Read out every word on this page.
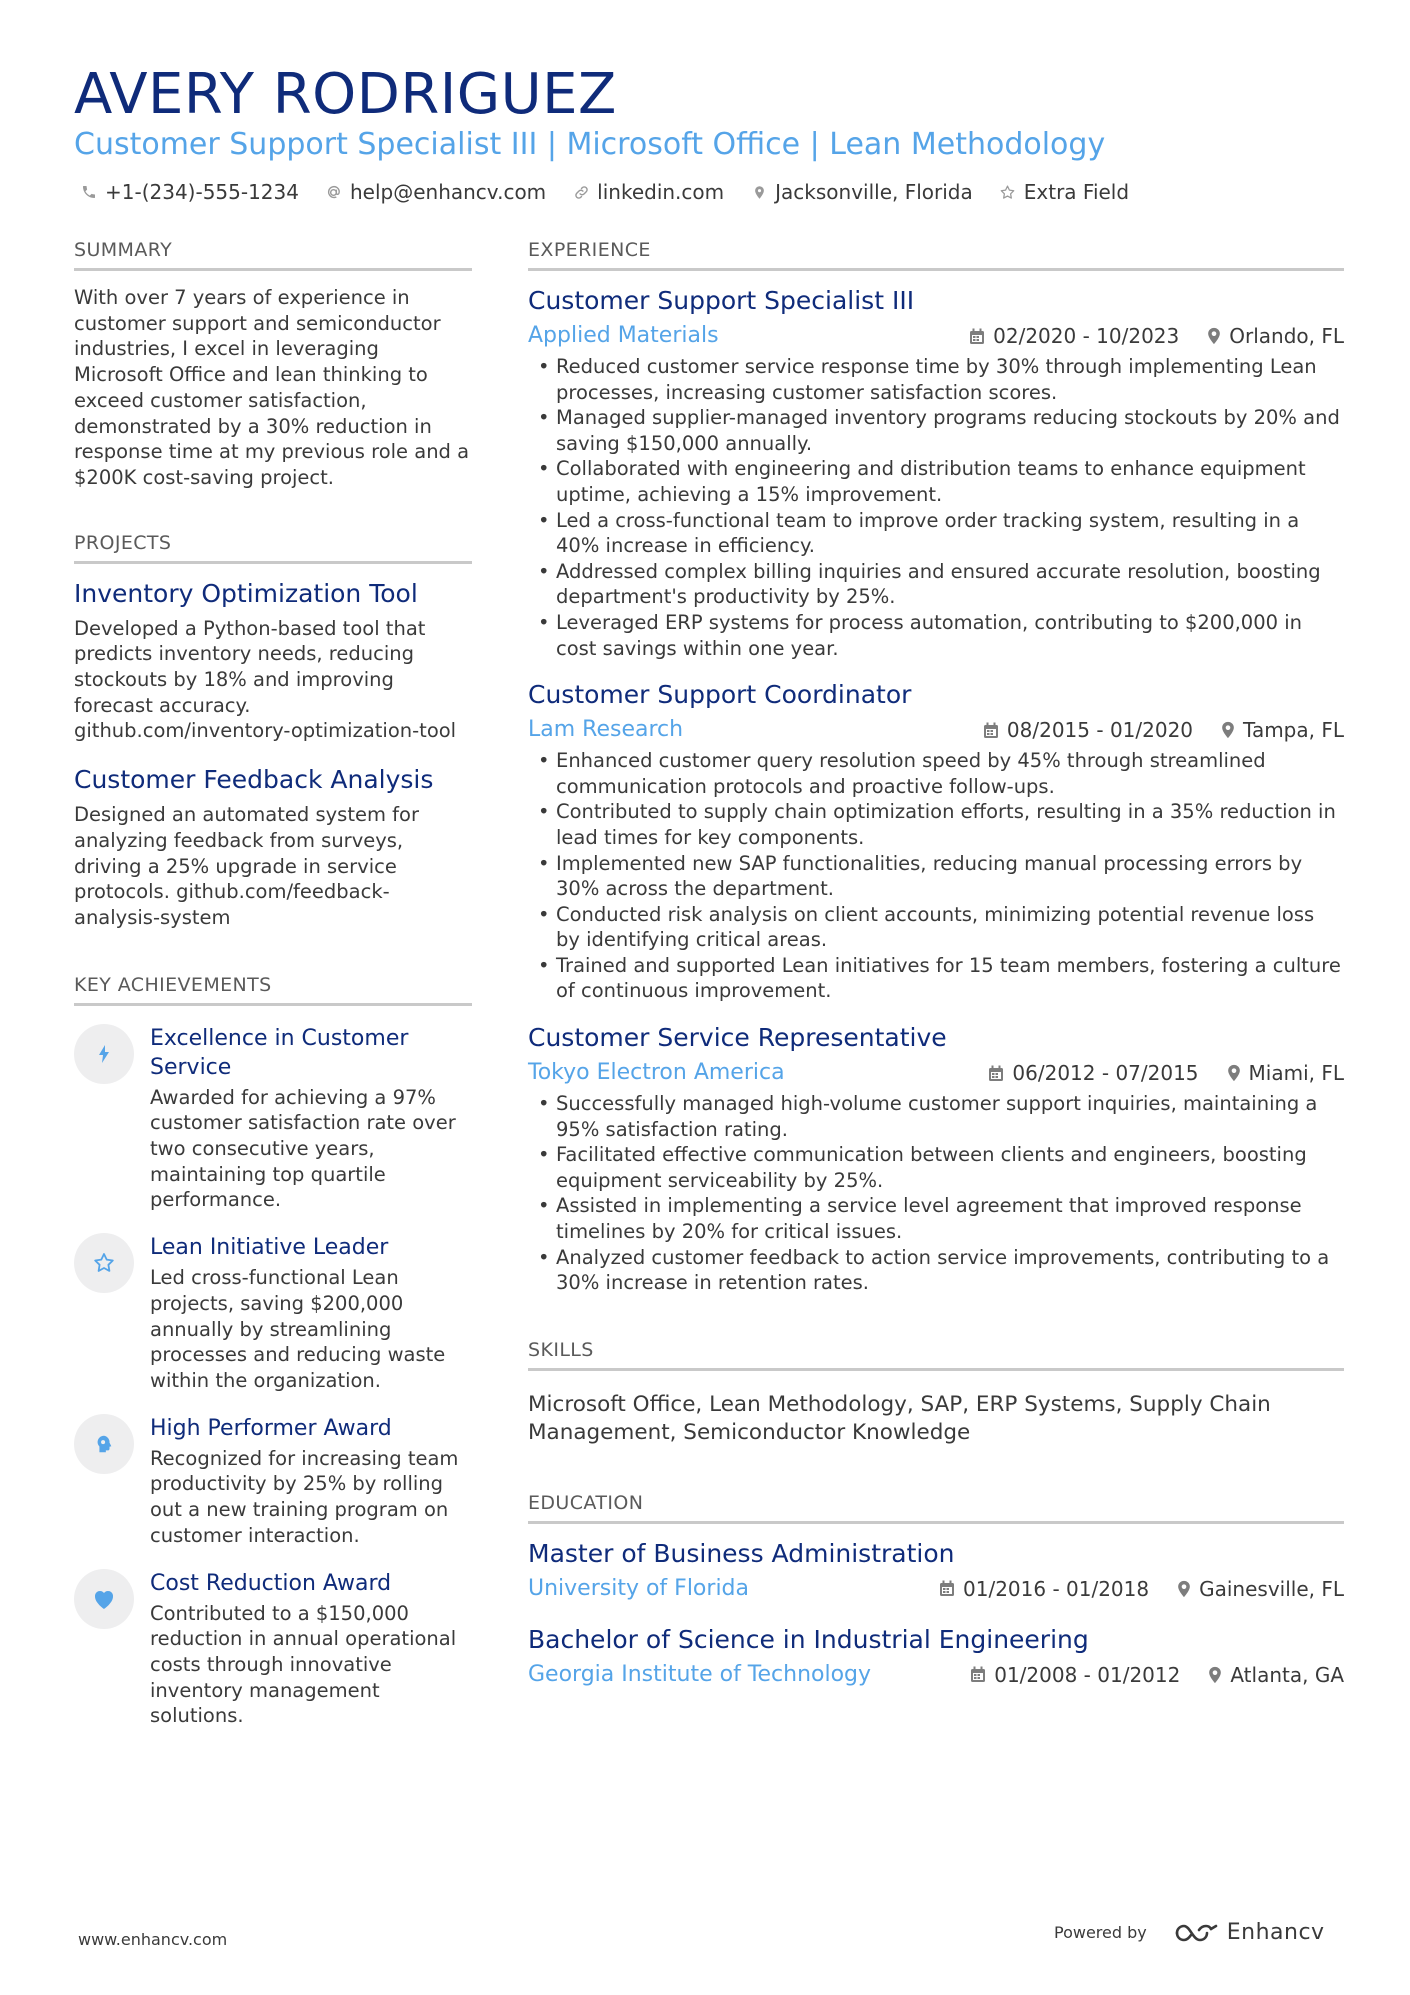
AVERY RODRIGUEZ
Customer Support Specialist III | Microsoft Office | Lean Methodology
+1-(234)-555-1234	help@enhancv.com	linkedin.com	Jacksonville, Florida	Extra Field
SUMMARY

With over 7 years of experience in customer support and semiconductor industries, I excel in leveraging Microsoft Office and lean thinking to exceed customer satisfaction, demonstrated by a 30% reduction in response time at my previous role and a $200K cost-saving project.

PROJECTS
Inventory Optimization Tool

Developed a Python-based tool that predicts inventory needs, reducing stockouts by 18% and improving forecast accuracy. github.com/inventory-optimization-tool

Customer Feedback Analysis

Designed an automated system for analyzing feedback from surveys, driving a 25% upgrade in service protocols. github.com/feedback-analysis-system

KEY ACHIEVEMENTS
Excellence in Customer Service

Awarded for achieving a 97% customer satisfaction rate over two consecutive years, maintaining top quartile performance.

Lean Initiative Leader

Led cross-functional Lean projects, saving $200,000 annually by streamlining processes and reducing waste within the organization.

High Performer Award

Recognized for increasing team productivity by 25% by rolling out a new training program on customer interaction.

Cost Reduction Award

Contributed to a $150,000 reduction in annual operational costs through innovative inventory management solutions.

EXPERIENCE
Customer Support Specialist III
Applied Materials	02/2020 - 10/2023	Orlando, FL
• Reduced customer service response time by 30% through implementing Lean processes, increasing customer satisfaction scores.
• Managed supplier-managed inventory programs reducing stockouts by 20% and saving $150,000 annually.
• Collaborated with engineering and distribution teams to enhance equipment uptime, achieving a 15% improvement.
• Led a cross-functional team to improve order tracking system, resulting in a 40% increase in efficiency.
• Addressed complex billing inquiries and ensured accurate resolution, boosting department's productivity by 25%.
• Leveraged ERP systems for process automation, contributing to $200,000 in cost savings within one year.
Customer Support Coordinator
Lam Research	08/2015 - 01/2020	Tampa, FL
• Enhanced customer query resolution speed by 45% through streamlined communication protocols and proactive follow-ups.
• Contributed to supply chain optimization efforts, resulting in a 35% reduction in lead times for key components.
• Implemented new SAP functionalities, reducing manual processing errors by 30% across the department.
• Conducted risk analysis on client accounts, minimizing potential revenue loss by identifying critical areas.
• Trained and supported Lean initiatives for 15 team members, fostering a culture of continuous improvement.
Customer Service Representative
Tokyo Electron America	06/2012 - 07/2015	Miami, FL
• Successfully managed high-volume customer support inquiries, maintaining a 95% satisfaction rating.
• Facilitated effective communication between clients and engineers, boosting equipment serviceability by 25%.
• Assisted in implementing a service level agreement that improved response timelines by 20% for critical issues.
• Analyzed customer feedback to action service improvements, contributing to a 30% increase in retention rates.
SKILLS

Microsoft Office, Lean Methodology, SAP, ERP Systems, Supply Chain Management, Semiconductor Knowledge

EDUCATION
Master of Business Administration
University of Florida	01/2016 - 01/2018	Gainesville, FL
Bachelor of Science in Industrial Engineering
Georgia Institute of Technology	01/2008 - 01/2012	Atlanta, GA
www.enhancv.com	Powered by	Enhancv
